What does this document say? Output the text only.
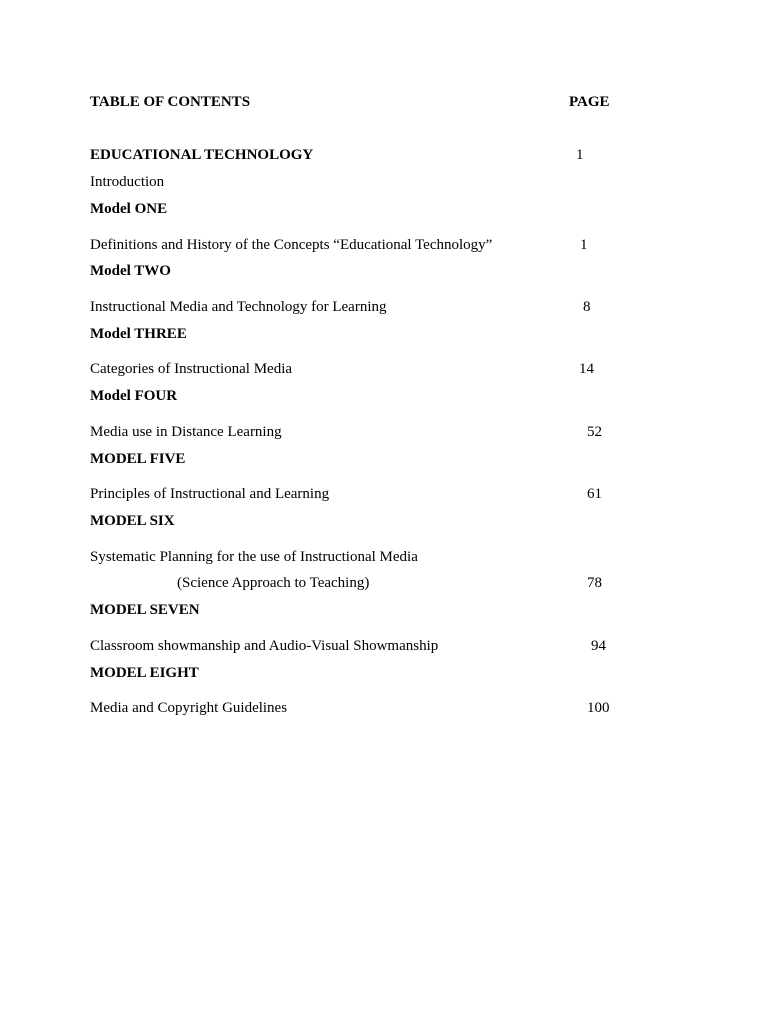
TABLE OF CONTENTS	PAGE
EDUCATIONAL TECHNOLOGY	1
Introduction
Model ONE
Definitions and History of the Concepts “Educational Technology”	1
Model TWO
Instructional Media and Technology for Learning	8
Model THREE
Categories of Instructional Media	14
Model FOUR
Media use in Distance Learning	52
MODEL FIVE
Principles of Instructional and Learning	61
MODEL SIX
Systematic Planning for the use of Instructional Media
(Science Approach to Teaching)	78
MODEL SEVEN
Classroom showmanship and Audio-Visual Showmanship	94
MODEL EIGHT
Media and Copyright Guidelines	100
